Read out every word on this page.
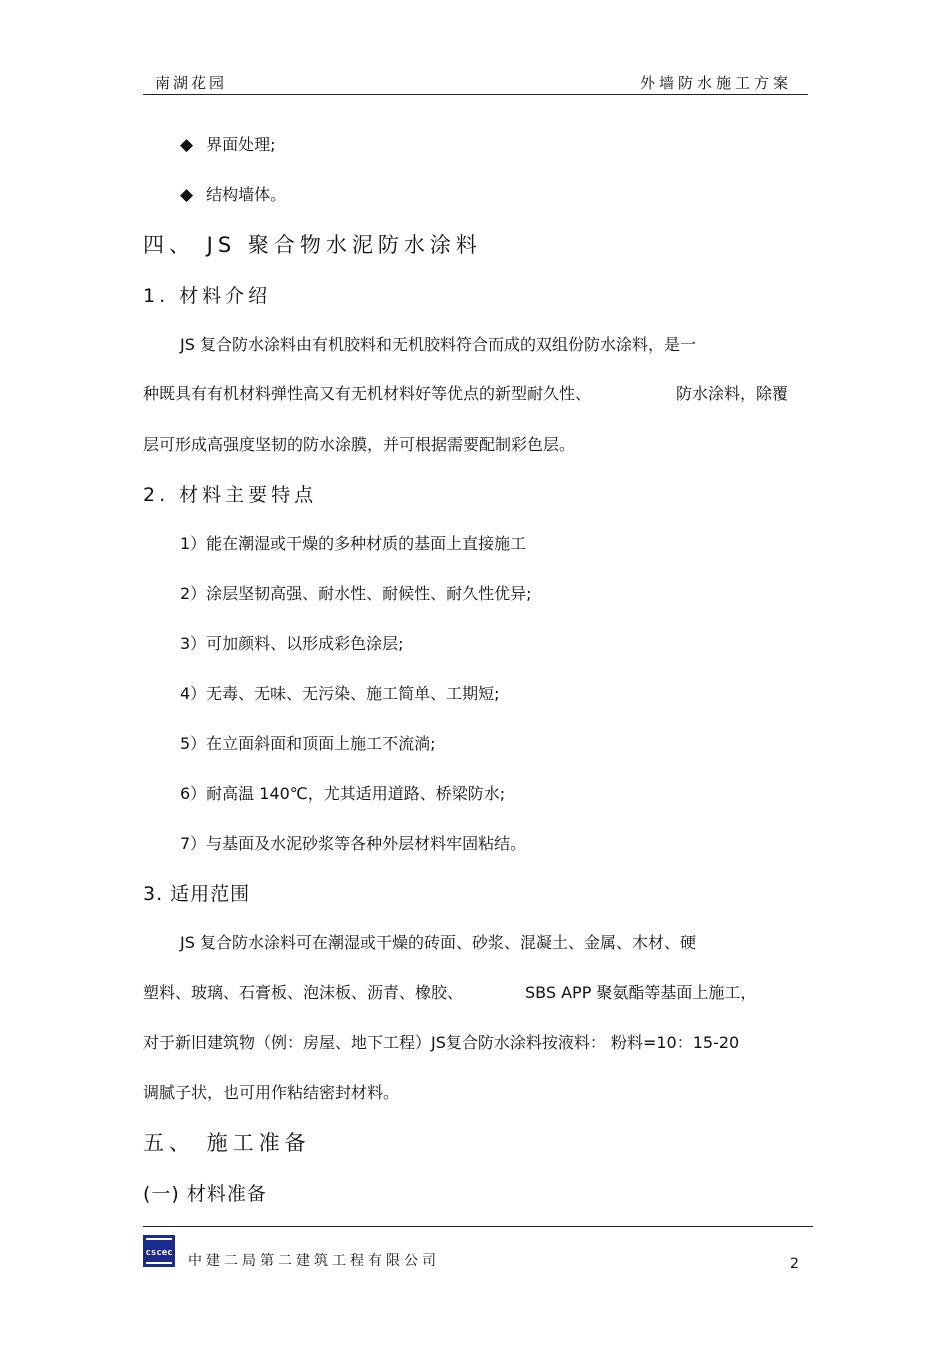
南湖花园	外墙防水施工方案
◆ 界面处理;
◆ 结构墙体。
四、 JS 聚合物水泥防水涂料
1. 材料介绍
JS 复合防水涂料由有机胶料和无机胶料符合而成的双组份防水涂料，是一
种既具有有机材料弹性高又有无机材料好等优点的新型耐久性、	防水涂料，除覆
层可形成高强度坚韧的防水涂膜，并可根据需要配制彩色层。
2. 材料主要特点
1）能在潮湿或干燥的多种材质的基面上直接施工
2）涂层坚韧高强、耐水性、耐候性、耐久性优异;
3）可加颜料、以形成彩色涂层;
4）无毒、无味、无污染、施工简单、工期短;
5）在立面斜面和顶面上施工不流淌;
6）耐高温 140℃，尤其适用道路、桥梁防水;
7）与基面及水泥砂浆等各种外层材料牢固粘结。
3. 适用范围
JS 复合防水涂料可在潮湿或干燥的砖面、砂浆、混凝土、金属、木材、硬
塑料、玻璃、石膏板、泡沫板、沥青、橡胶、	SBS APP 聚氨酯等基面上施工，
对于新旧建筑物（例：房屋、地下工程）JS复合防水涂料按液料： 粉料=10：15-20
调腻子状，也可用作粘结密封材料。
五、 施工准备
(一) 材料准备
cscec 中建二局第二建筑工程有限公司	2
